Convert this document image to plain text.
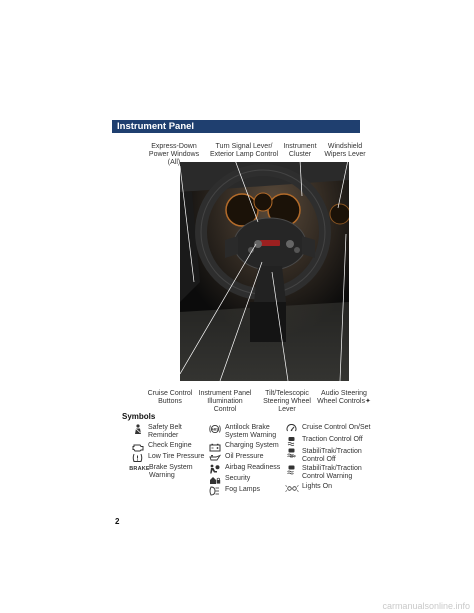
Instrument Panel
Express-Down
Power Windows (All)
Turn Signal Lever/
Exterior Lamp Control
Instrument
Cluster
Windshield
Wipers Lever
Cruise Control
Buttons
Instrument Panel
Illumination Control
Tilt/Telescopic
Steering Wheel Lever
Audio Steering
Wheel Controls✦
Symbols
Safety Belt
Reminder
Check Engine
Low Tire Pressure
BRAKE Brake System
Warning
ABS Antilock Brake
System Warning
Charging System
Oil Pressure
Airbag Readiness
Security
Fog Lamps
Cruise Control On/Set
Traction Control Off
OFF
StabiliTrak/Traction
Control Off
StabiliTrak/Traction
Control Warning
Lights On
2
carmanualsonline.info
